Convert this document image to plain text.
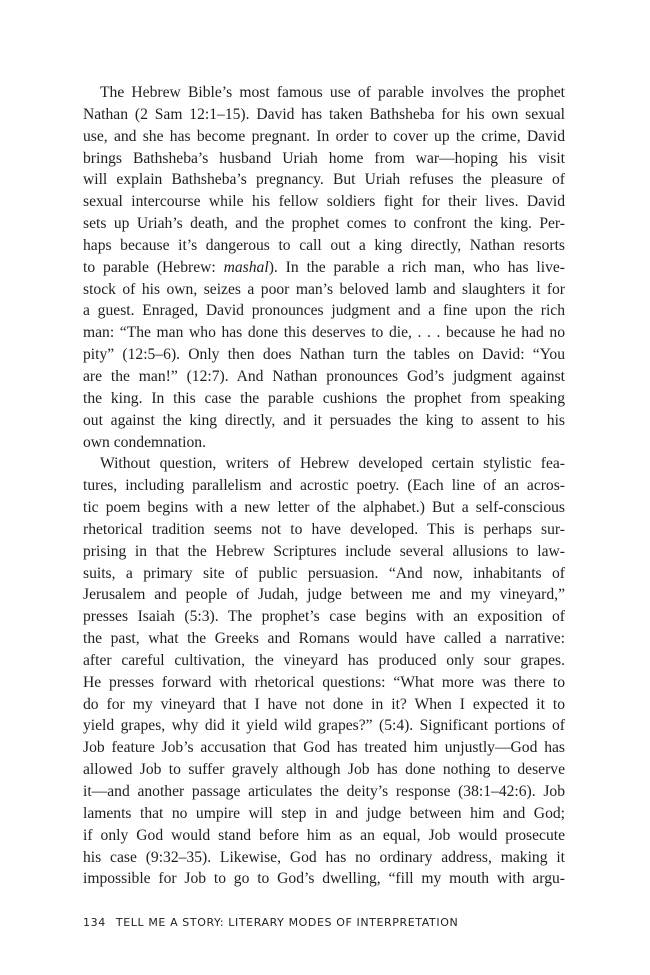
The Hebrew Bible’s most famous use of parable involves the prophet
Nathan (2 Sam 12:1–15). David has taken Bathsheba for his own sexual
use, and she has become pregnant. In order to cover up the crime, David
brings Bathsheba’s husband Uriah home from war—hoping his visit
will explain Bathsheba’s pregnancy. But Uriah refuses the pleasure of
sexual intercourse while his fellow soldiers fight for their lives. David
sets up Uriah’s death, and the prophet comes to confront the king. Per-
haps because it’s dangerous to call out a king directly, Nathan resorts
to parable (Hebrew: mashal). In the parable a rich man, who has live-
stock of his own, seizes a poor man’s beloved lamb and slaughters it for
a guest. Enraged, David pronounces judgment and a fine upon the rich
man: “The man who has done this deserves to die, . . . because he had no
pity” (12:5–6). Only then does Nathan turn the tables on David: “You
are the man!” (12:7). And Nathan pronounces God’s judgment against
the king. In this case the parable cushions the prophet from speaking
out against the king directly, and it persuades the king to assent to his
own condemnation.
Without question, writers of Hebrew developed certain stylistic fea-
tures, including parallelism and acrostic poetry. (Each line of an acros-
tic poem begins with a new letter of the alphabet.) But a self-conscious
rhetorical tradition seems not to have developed. This is perhaps sur-
prising in that the Hebrew Scriptures include several allusions to law-
suits, a primary site of public persuasion. “And now, inhabitants of
Jerusalem and people of Judah, judge between me and my vineyard,”
presses Isaiah (5:3). The prophet’s case begins with an exposition of
the past, what the Greeks and Romans would have called a narrative:
after careful cultivation, the vineyard has produced only sour grapes.
He presses forward with rhetorical questions: “What more was there to
do for my vineyard that I have not done in it? When I expected it to
yield grapes, why did it yield wild grapes?” (5:4). Significant portions of
Job feature Job’s accusation that God has treated him unjustly—God has
allowed Job to suffer gravely although Job has done nothing to deserve
it—and another passage articulates the deity’s response (38:1–42:6). Job
laments that no umpire will step in and judge between him and God;
if only God would stand before him as an equal, Job would prosecute
his case (9:32–35). Likewise, God has no ordinary address, making it
impossible for Job to go to God’s dwelling, “fill my mouth with argu-
134 TELL ME A STORY: LITERARY MODES OF INTERPRETATION
